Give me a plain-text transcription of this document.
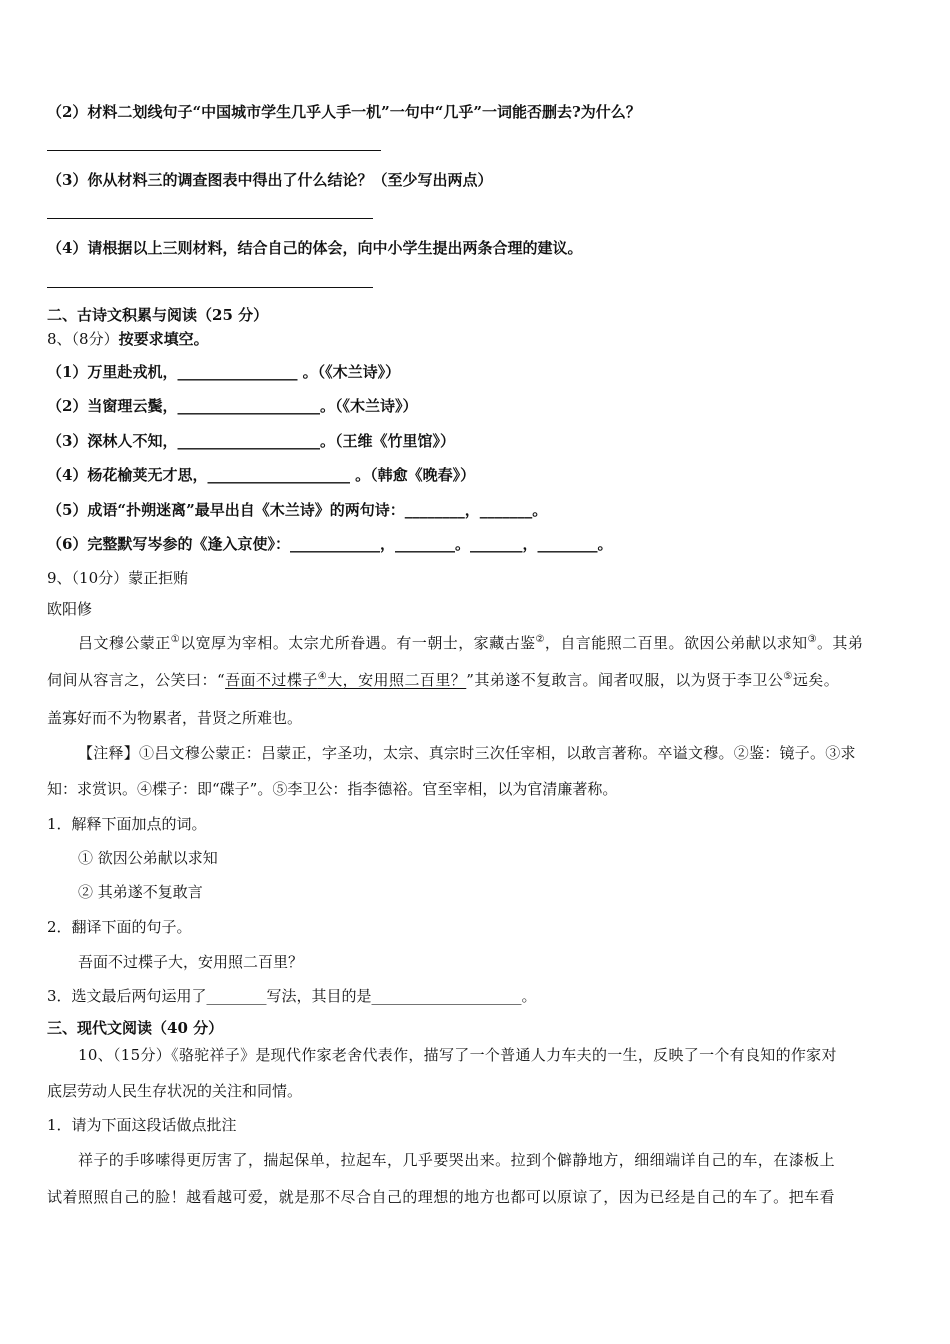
（2）材料二划线句子“中国城市学生几乎人手一机”一句中“几乎”一词能否删去?为什么？
（3）你从材料三的调查图表中得出了什么结论？（至少写出两点）
（4）请根据以上三则材料，结合自己的体会，向中小学生提出两条合理的建议。
二、古诗文积累与阅读（25 分）
8、（8分）按要求填空。
（1）万里赴戎机，________________ 。（《木兰诗》）
（2）当窗理云鬓，___________________。（《木兰诗》）
（3）深林人不知，___________________。（王维《竹里馆》）
（4）杨花榆荚无才思，___________________ 。（韩愈《晚春》）
（5）成语“扑朔迷离”最早出自《木兰诗》的两句诗：________，_______。
（6）完整默写岑参的《逢入京使》：____________，________。_______，________。
9、（10分）蒙正拒贿
欧阳修
吕文穆公蒙正①以宽厚为宰相。太宗尤所眷遇。有一朝士，家藏古鉴②，自言能照二百里。欲因公弟献以求知③。其弟
伺间从容言之，公笑曰：“吾面不过楪子④大，安用照二百里？”其弟遂不复敢言。闻者叹服，以为贤于李卫公⑤远矣。
盖寡好而不为物累者，昔贤之所难也。
【注释】①吕文穆公蒙正：吕蒙正，字圣功，太宗、真宗时三次任宰相，以敢言著称。卒谥文穆。②鉴：镜子。③求
知：求赏识。④楪子：即“碟子”。⑤李卫公：指李德裕。官至宰相，以为官清廉著称。
1．解释下面加点的词。
① 欲因公弟献以求知
② 其弟遂不复敢言
2．翻译下面的句子。
吾面不过楪子大，安用照二百里？
3．选文最后两句运用了________写法，其目的是____________________。
三、现代文阅读（40 分）
10、（15分）《骆驼祥子》是现代作家老舍代表作，描写了一个普通人力车夫的一生，反映了一个有良知的作家对
底层劳动人民生存状况的关注和同情。
1．请为下面这段话做点批注
祥子的手哆嗦得更厉害了，揣起保单，拉起车，几乎要哭出来。拉到个僻静地方，细细端详自己的车，在漆板上
试着照照自己的脸！越看越可爱，就是那不尽合自己的理想的地方也都可以原谅了，因为已经是自己的车了。把车看
